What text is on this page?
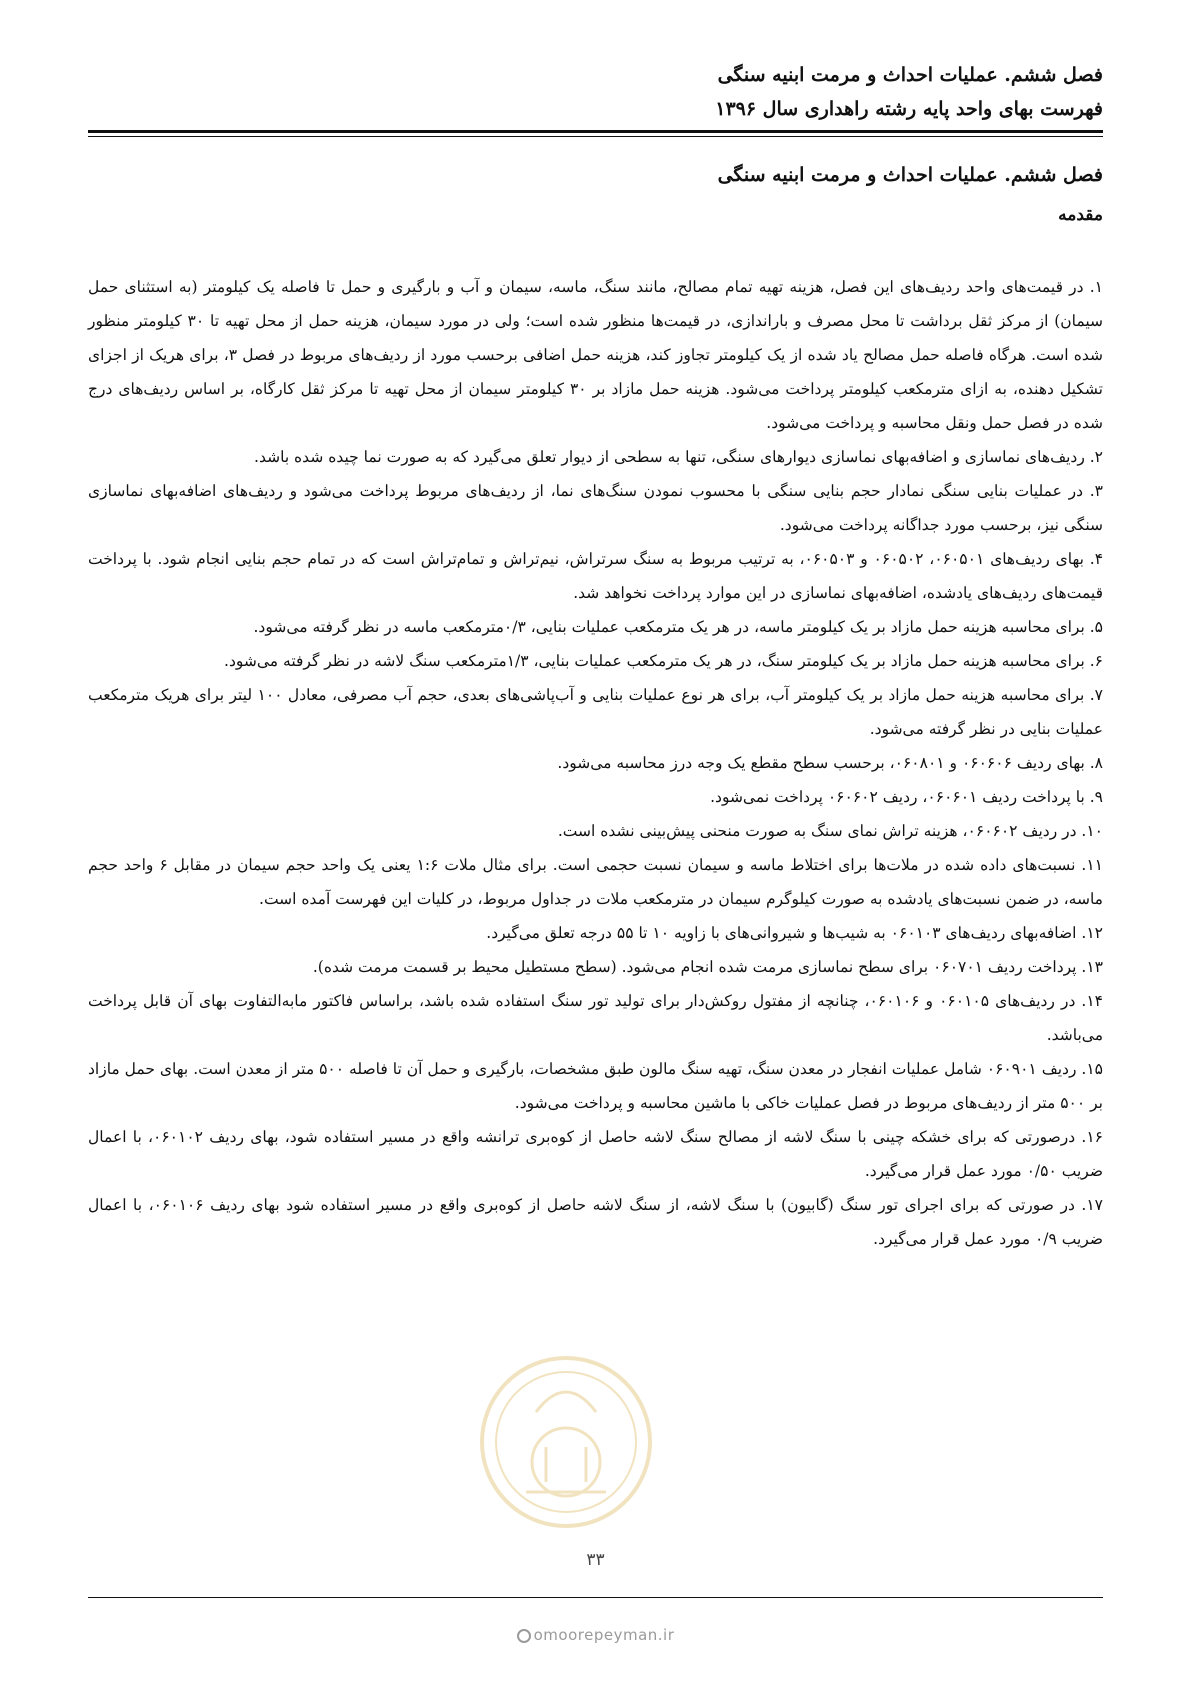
فصل ششم. عملیات احداث و مرمت ابنیه سنگی
فهرست بهای واحد پایه رشته راهداری سال ۱۳۹۶
فصل ششم. عملیات احداث و مرمت ابنیه سنگی
مقدمه

۱. در قیمت‌های واحد ردیف‌های این فصل، هزینه تهیه تمام مصالح، مانند سنگ، ماسه، سیمان و آب و بارگیری و حمل تا فاصله یک کیلومتر (به استثنای حمل سیمان) از مرکز ثقل برداشت تا محل مصرف و باراندازی، در قیمت‌ها منظور شده است؛ ولی در مورد سیمان، هزینه حمل از محل تهیه تا ۳۰ کیلومتر منظور شده است. هرگاه فاصله حمل مصالح یاد شده از یک کیلومتر تجاوز کند، هزینه حمل اضافی برحسب مورد از ردیف‌های مربوط در فصل ۳، برای هریک از اجزای تشکیل دهنده، به ازای مترمکعب کیلومتر پرداخت می‌شود. هزینه حمل مازاد بر ۳۰ کیلومتر سیمان از محل تهیه تا مرکز ثقل کارگاه، بر اساس ردیف‌های درج شده در فصل حمل ونقل محاسبه و پرداخت می‌شود.

۲. ردیف‌های نماسازی و اضافه‌بهای نماسازی دیوارهای سنگی، تنها به سطحی از دیوار تعلق می‌گیرد که به صورت نما چیده شده باشد.

۳. در عملیات بنایی سنگی نمادار حجم بنایی سنگی با محسوب نمودن سنگ‌های نما، از ردیف‌های مربوط پرداخت می‌شود و ردیف‌های اضافه‌بهای نماسازی سنگی نیز، برحسب مورد جداگانه پرداخت می‌شود.

۴. بهای ردیف‌های ۰۶۰۵۰۱، ۰۶۰۵۰۲ و ۰۶۰۵۰۳، به ترتیب مربوط به سنگ سرتراش، نیم‌تراش و تمام‌تراش است که در تمام حجم بنایی انجام شود. با پرداخت قیمت‌های ردیف‌های یادشده، اضافه‌بهای نماسازی در این موارد پرداخت نخواهد شد.

۵. برای محاسبه هزینه حمل مازاد بر یک کیلومتر ماسه، در هر یک مترمکعب عملیات بنایی، ۰/۳مترمکعب ماسه در نظر گرفته می‌شود.

۶. برای محاسبه هزینه حمل مازاد بر یک کیلومتر سنگ، در هر یک مترمکعب عملیات بنایی، ۱/۳مترمکعب سنگ لاشه در نظر گرفته می‌شود.

۷. برای محاسبه هزینه حمل مازاد بر یک کیلومتر آب، برای هر نوع عملیات بنایی و آب‌پاشی‌های بعدی، حجم آب مصرفی، معادل ۱۰۰ لیتر برای هریک مترمکعب عملیات بنایی در نظر گرفته می‌شود.

۸. بهای ردیف ۰۶۰۶۰۶ و ۰۶۰۸۰۱، برحسب سطح مقطع یک وجه درز محاسبه می‌شود.

۹. با پرداخت ردیف ۰۶۰۶۰۱، ردیف ۰۶۰۶۰۲ پرداخت نمی‌شود.

۱۰. در ردیف ۰۶۰۶۰۲، هزینه تراش نمای سنگ به صورت منحنی پیش‌بینی نشده است.

۱۱. نسبت‌های داده شده در ملات‌ها برای اختلاط ماسه و سیمان نسبت حجمی است. برای مثال ملات ۱:۶ یعنی یک واحد حجم سیمان در مقابل ۶ واحد حجم ماسه، در ضمن نسبت‌های یادشده به صورت کیلوگرم سیمان در مترمکعب ملات در جداول مربوط، در کلیات این فهرست آمده است.

۱۲. اضافه‌بهای ردیف‌های ۰۶۰۱۰۳ به شیب‌ها و شیروانی‌های با زاویه ۱۰ تا ۵۵ درجه تعلق می‌گیرد.

۱۳. پرداخت ردیف ۰۶۰۷۰۱ برای سطح نماسازی مرمت شده انجام می‌شود. (سطح مستطیل محیط بر قسمت مرمت شده).

۱۴. در ردیف‌های ۰۶۰۱۰۵ و ۰۶۰۱۰۶، چنانچه از مفتول روکش‌دار برای تولید تور سنگ استفاده شده باشد، براساس فاکتور مابه‌التفاوت بهای آن قابل پرداخت می‌باشد.

۱۵. ردیف ۰۶۰۹۰۱ شامل عملیات انفجار در معدن سنگ، تهیه سنگ مالون طبق مشخصات، بارگیری و حمل آن تا فاصله ۵۰۰ متر از معدن است. بهای حمل مازاد بر ۵۰۰ متر از ردیف‌های مربوط در فصل عملیات خاکی با ماشین محاسبه و پرداخت می‌شود.

۱۶. درصورتی که برای خشکه چینی با سنگ لاشه از مصالح سنگ لاشه حاصل از کوه‌بری ترانشه واقع در مسیر استفاده شود، بهای ردیف ۰۶۰۱۰۲، با اعمال ضریب ۰/۵۰ مورد عمل قرار می‌گیرد.

۱۷. در صورتی که برای اجرای تور سنگ (گابیون) با سنگ لاشه، از سنگ لاشه حاصل از کوه‌بری واقع در مسیر استفاده شود بهای ردیف ۰۶۰۱۰۶، با اعمال ضریب ۰/۹ مورد عمل قرار می‌گیرد.

۳۳
omoorepeyman.ir
